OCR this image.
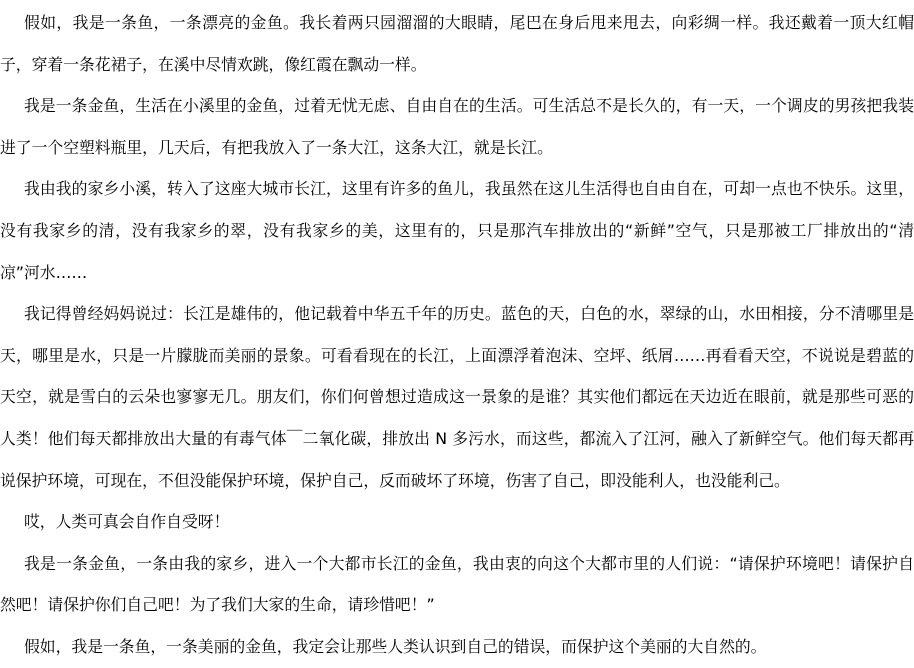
假如，我是一条鱼，一条漂亮的金鱼。我长着两只园溜溜的大眼睛，尾巴在身后甩来甩去，向彩绸一样。我还戴着一顶大红帽子，穿着一条花裙子，在溪中尽情欢跳，像红霞在飘动一样。

我是一条金鱼，生活在小溪里的金鱼，过着无忧无虑、自由自在的生活。可生活总不是长久的，有一天，一个调皮的男孩把我装进了一个空塑料瓶里，几天后，有把我放入了一条大江，这条大江，就是长江。

我由我的家乡小溪，转入了这座大城市长江，这里有许多的鱼儿，我虽然在这儿生活得也自由自在，可却一点也不快乐。这里，没有我家乡的清，没有我家乡的翠，没有我家乡的美，这里有的，只是那汽车排放出的“新鲜”空气，只是那被工厂排放出的“清凉”河水……

我记得曾经妈妈说过：长江是雄伟的，他记载着中华五千年的历史。蓝色的天，白色的水，翠绿的山，水田相接，分不清哪里是天，哪里是水，只是一片朦胧而美丽的景象。可看看现在的长江，上面漂浮着泡沫、空坪、纸屑……再看看天空，不说说是碧蓝的天空，就是雪白的云朵也寥寥无几。朋友们，你们何曾想过造成这一景象的是谁？其实他们都远在天边近在眼前，就是那些可恶的人类！他们每天都排放出大量的有毒气体￣二氧化碳，排放出 N 多污水，而这些，都流入了江河，融入了新鲜空气。他们每天都再说保护环境，可现在，不但没能保护环境，保护自己，反而破坏了环境，伤害了自己，即没能利人，也没能利己。

哎，人类可真会自作自受呀！

我是一条金鱼，一条由我的家乡，进入一个大都市长江的金鱼，我由衷的向这个大都市里的人们说：“请保护环境吧！请保护自然吧！请保护你们自己吧！为了我们大家的生命，请珍惜吧！”

假如，我是一条鱼，一条美丽的金鱼，我定会让那些人类认识到自己的错误，而保护这个美丽的大自然的。
